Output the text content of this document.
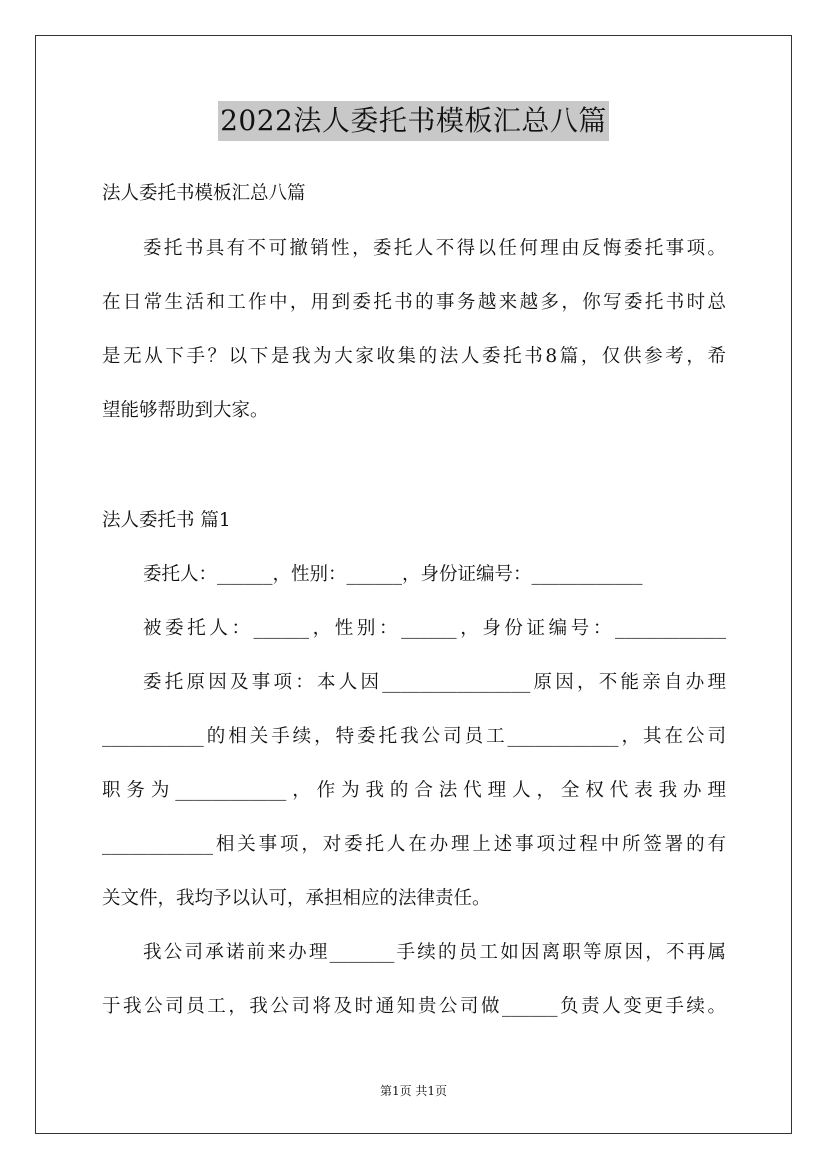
2022法人委托书模板汇总八篇
法人委托书模板汇总八篇
委托书具有不可撤销性，委托人不得以任何理由反悔委托事项。
在日常生活和工作中，用到委托书的事务越来越多，你写委托书时总
是无从下手？以下是我为大家收集的法人委托书8篇，仅供参考，希
望能够帮助到大家。
法人委托书 篇1
委托人：______，性别：______，身份证编号：____________
被委托人：______，性别：______，身份证编号：____________
委托原因及事项：本人因________________原因，不能亲自办理
___________的相关手续，特委托我公司员工____________，其在公司
职务为____________，作为我的合法代理人，全权代表我办理
____________相关事项，对委托人在办理上述事项过程中所签署的有
关文件，我均予以认可，承担相应的法律责任。
我公司承诺前来办理_______手续的员工如因离职等原因，不再属
于我公司员工，我公司将及时通知贵公司做______负责人变更手续。
第1页 共1页
